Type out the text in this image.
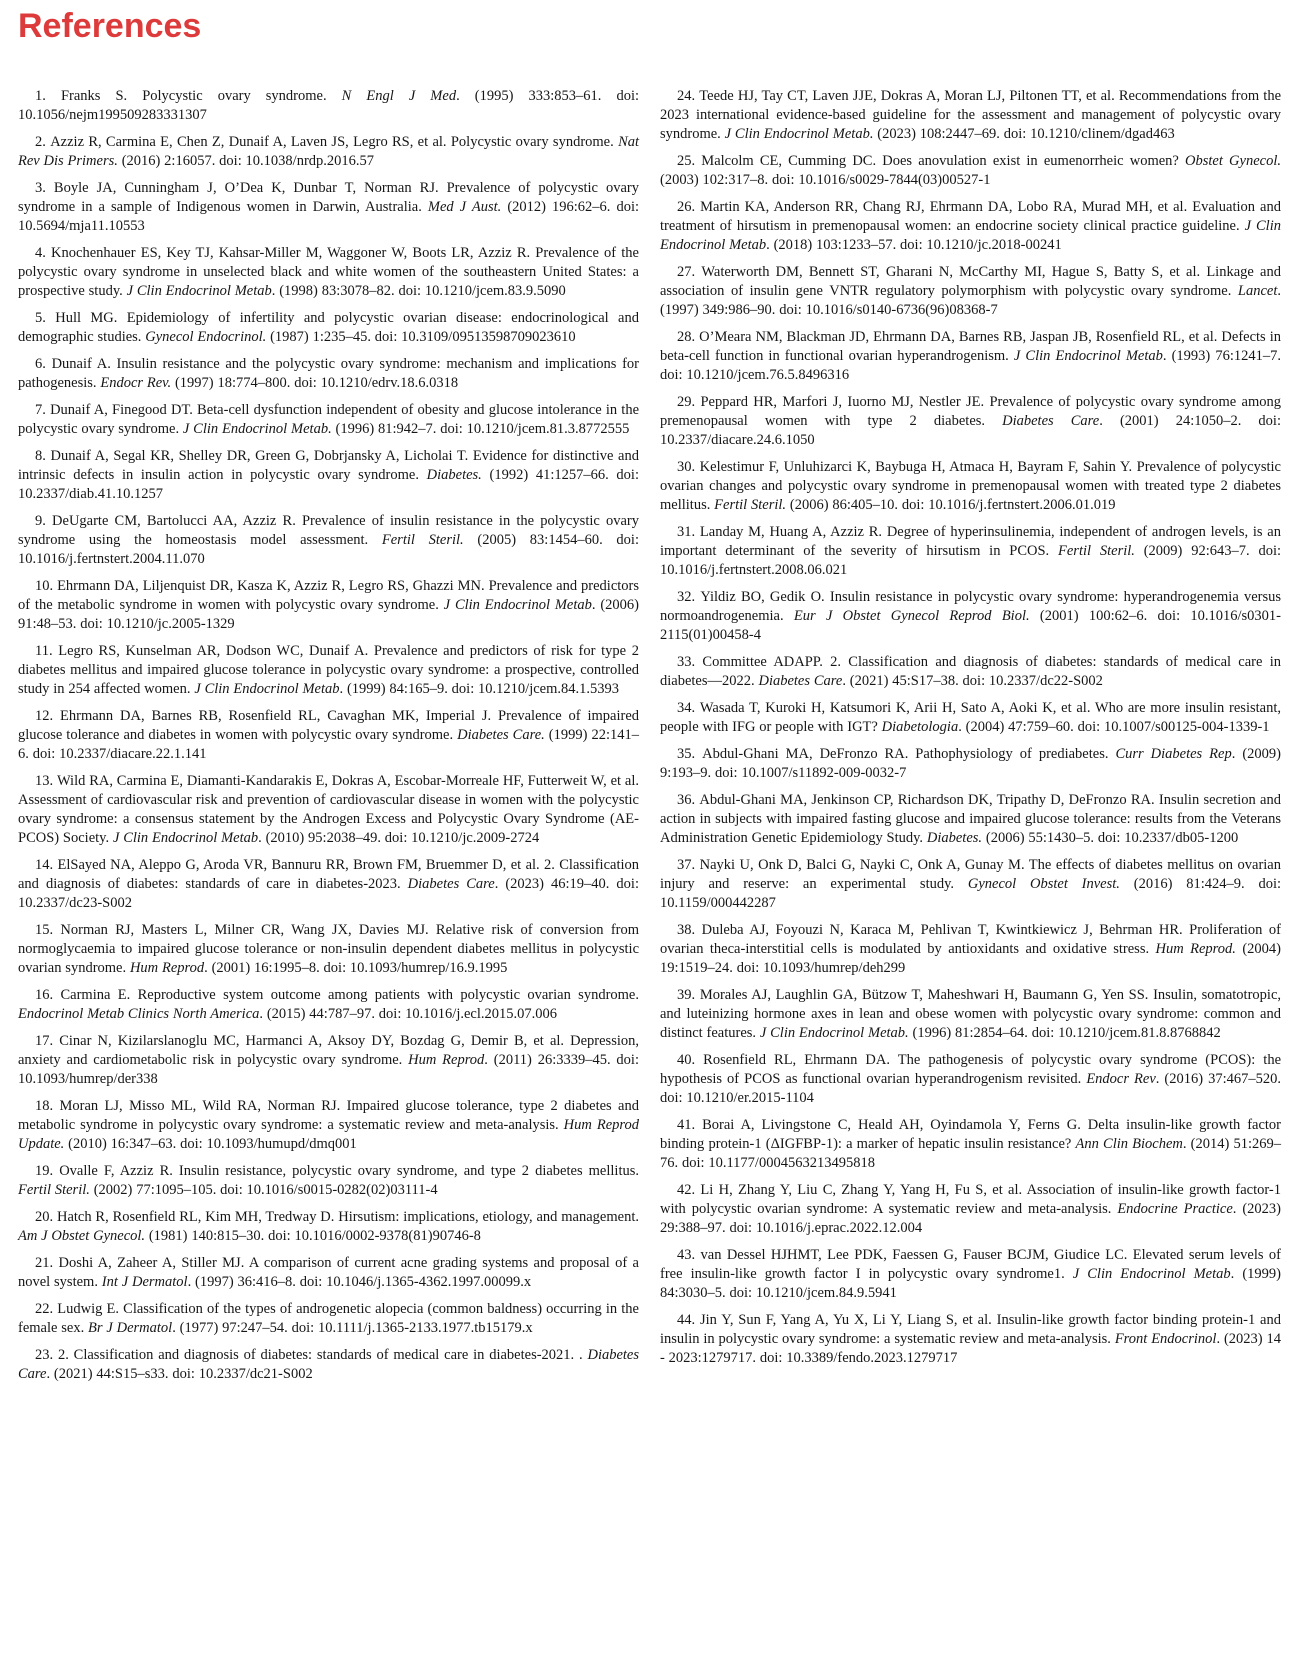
References

1. Franks S. Polycystic ovary syndrome. N Engl J Med. (1995) 333:853–61. doi: 10.1056/nejm199509283331307

2. Azziz R, Carmina E, Chen Z, Dunaif A, Laven JS, Legro RS, et al. Polycystic ovary syndrome. Nat Rev Dis Primers. (2016) 2:16057. doi: 10.1038/nrdp.2016.57

3. Boyle JA, Cunningham J, O’Dea K, Dunbar T, Norman RJ. Prevalence of polycystic ovary syndrome in a sample of Indigenous women in Darwin, Australia. Med J Aust. (2012) 196:62–6. doi: 10.5694/mja11.10553

4. Knochenhauer ES, Key TJ, Kahsar-Miller M, Waggoner W, Boots LR, Azziz R. Prevalence of the polycystic ovary syndrome in unselected black and white women of the southeastern United States: a prospective study. J Clin Endocrinol Metab. (1998) 83:3078–82. doi: 10.1210/jcem.83.9.5090

5. Hull MG. Epidemiology of infertility and polycystic ovarian disease: endocrinological and demographic studies. Gynecol Endocrinol. (1987) 1:235–45. doi: 10.3109/09513598709023610

6. Dunaif A. Insulin resistance and the polycystic ovary syndrome: mechanism and implications for pathogenesis. Endocr Rev. (1997) 18:774–800. doi: 10.1210/edrv.18.6.0318

7. Dunaif A, Finegood DT. Beta-cell dysfunction independent of obesity and glucose intolerance in the polycystic ovary syndrome. J Clin Endocrinol Metab. (1996) 81:942–7. doi: 10.1210/jcem.81.3.8772555

8. Dunaif A, Segal KR, Shelley DR, Green G, Dobrjansky A, Licholai T. Evidence for distinctive and intrinsic defects in insulin action in polycystic ovary syndrome. Diabetes. (1992) 41:1257–66. doi: 10.2337/diab.41.10.1257

9. DeUgarte CM, Bartolucci AA, Azziz R. Prevalence of insulin resistance in the polycystic ovary syndrome using the homeostasis model assessment. Fertil Steril. (2005) 83:1454–60. doi: 10.1016/j.fertnstert.2004.11.070

10. Ehrmann DA, Liljenquist DR, Kasza K, Azziz R, Legro RS, Ghazzi MN. Prevalence and predictors of the metabolic syndrome in women with polycystic ovary syndrome. J Clin Endocrinol Metab. (2006) 91:48–53. doi: 10.1210/jc.2005-1329

11. Legro RS, Kunselman AR, Dodson WC, Dunaif A. Prevalence and predictors of risk for type 2 diabetes mellitus and impaired glucose tolerance in polycystic ovary syndrome: a prospective, controlled study in 254 affected women. J Clin Endocrinol Metab. (1999) 84:165–9. doi: 10.1210/jcem.84.1.5393

12. Ehrmann DA, Barnes RB, Rosenfield RL, Cavaghan MK, Imperial J. Prevalence of impaired glucose tolerance and diabetes in women with polycystic ovary syndrome. Diabetes Care. (1999) 22:141–6. doi: 10.2337/diacare.22.1.141

13. Wild RA, Carmina E, Diamanti-Kandarakis E, Dokras A, Escobar-Morreale HF, Futterweit W, et al. Assessment of cardiovascular risk and prevention of cardiovascular disease in women with the polycystic ovary syndrome: a consensus statement by the Androgen Excess and Polycystic Ovary Syndrome (AE-PCOS) Society. J Clin Endocrinol Metab. (2010) 95:2038–49. doi: 10.1210/jc.2009-2724

14. ElSayed NA, Aleppo G, Aroda VR, Bannuru RR, Brown FM, Bruemmer D, et al. 2. Classification and diagnosis of diabetes: standards of care in diabetes-2023. Diabetes Care. (2023) 46:19–40. doi: 10.2337/dc23-S002

15. Norman RJ, Masters L, Milner CR, Wang JX, Davies MJ. Relative risk of conversion from normoglycaemia to impaired glucose tolerance or non-insulin dependent diabetes mellitus in polycystic ovarian syndrome. Hum Reprod. (2001) 16:1995–8. doi: 10.1093/humrep/16.9.1995

16. Carmina E. Reproductive system outcome among patients with polycystic ovarian syndrome. Endocrinol Metab Clinics North America. (2015) 44:787–97. doi: 10.1016/j.ecl.2015.07.006

17. Cinar N, Kizilarslanoglu MC, Harmanci A, Aksoy DY, Bozdag G, Demir B, et al. Depression, anxiety and cardiometabolic risk in polycystic ovary syndrome. Hum Reprod. (2011) 26:3339–45. doi: 10.1093/humrep/der338

18. Moran LJ, Misso ML, Wild RA, Norman RJ. Impaired glucose tolerance, type 2 diabetes and metabolic syndrome in polycystic ovary syndrome: a systematic review and meta-analysis. Hum Reprod Update. (2010) 16:347–63. doi: 10.1093/humupd/dmq001

19. Ovalle F, Azziz R. Insulin resistance, polycystic ovary syndrome, and type 2 diabetes mellitus. Fertil Steril. (2002) 77:1095–105. doi: 10.1016/s0015-0282(02)03111-4

20. Hatch R, Rosenfield RL, Kim MH, Tredway D. Hirsutism: implications, etiology, and management. Am J Obstet Gynecol. (1981) 140:815–30. doi: 10.1016/0002-9378(81)90746-8

21. Doshi A, Zaheer A, Stiller MJ. A comparison of current acne grading systems and proposal of a novel system. Int J Dermatol. (1997) 36:416–8. doi: 10.1046/j.1365-4362.1997.00099.x

22. Ludwig E. Classification of the types of androgenetic alopecia (common baldness) occurring in the female sex. Br J Dermatol. (1977) 97:247–54. doi: 10.1111/j.1365-2133.1977.tb15179.x

23. 2. Classification and diagnosis of diabetes: standards of medical care in diabetes-2021. . Diabetes Care. (2021) 44:S15–s33. doi: 10.2337/dc21-S002

24. Teede HJ, Tay CT, Laven JJE, Dokras A, Moran LJ, Piltonen TT, et al. Recommendations from the 2023 international evidence-based guideline for the assessment and management of polycystic ovary syndrome. J Clin Endocrinol Metab. (2023) 108:2447–69. doi: 10.1210/clinem/dgad463

25. Malcolm CE, Cumming DC. Does anovulation exist in eumenorrheic women? Obstet Gynecol. (2003) 102:317–8. doi: 10.1016/s0029-7844(03)00527-1

26. Martin KA, Anderson RR, Chang RJ, Ehrmann DA, Lobo RA, Murad MH, et al. Evaluation and treatment of hirsutism in premenopausal women: an endocrine society clinical practice guideline. J Clin Endocrinol Metab. (2018) 103:1233–57. doi: 10.1210/jc.2018-00241

27. Waterworth DM, Bennett ST, Gharani N, McCarthy MI, Hague S, Batty S, et al. Linkage and association of insulin gene VNTR regulatory polymorphism with polycystic ovary syndrome. Lancet. (1997) 349:986–90. doi: 10.1016/s0140-6736(96)08368-7

28. O’Meara NM, Blackman JD, Ehrmann DA, Barnes RB, Jaspan JB, Rosenfield RL, et al. Defects in beta-cell function in functional ovarian hyperandrogenism. J Clin Endocrinol Metab. (1993) 76:1241–7. doi: 10.1210/jcem.76.5.8496316

29. Peppard HR, Marfori J, Iuorno MJ, Nestler JE. Prevalence of polycystic ovary syndrome among premenopausal women with type 2 diabetes. Diabetes Care. (2001) 24:1050–2. doi: 10.2337/diacare.24.6.1050

30. Kelestimur F, Unluhizarci K, Baybuga H, Atmaca H, Bayram F, Sahin Y. Prevalence of polycystic ovarian changes and polycystic ovary syndrome in premenopausal women with treated type 2 diabetes mellitus. Fertil Steril. (2006) 86:405–10. doi: 10.1016/j.fertnstert.2006.01.019

31. Landay M, Huang A, Azziz R. Degree of hyperinsulinemia, independent of androgen levels, is an important determinant of the severity of hirsutism in PCOS. Fertil Steril. (2009) 92:643–7. doi: 10.1016/j.fertnstert.2008.06.021

32. Yildiz BO, Gedik O. Insulin resistance in polycystic ovary syndrome: hyperandrogenemia versus normoandrogenemia. Eur J Obstet Gynecol Reprod Biol. (2001) 100:62–6. doi: 10.1016/s0301-2115(01)00458-4

33. Committee ADAPP. 2. Classification and diagnosis of diabetes: standards of medical care in diabetes—2022. Diabetes Care. (2021) 45:S17–38. doi: 10.2337/dc22-S002

34. Wasada T, Kuroki H, Katsumori K, Arii H, Sato A, Aoki K, et al. Who are more insulin resistant, people with IFG or people with IGT? Diabetologia. (2004) 47:759–60. doi: 10.1007/s00125-004-1339-1

35. Abdul-Ghani MA, DeFronzo RA. Pathophysiology of prediabetes. Curr Diabetes Rep. (2009) 9:193–9. doi: 10.1007/s11892-009-0032-7

36. Abdul-Ghani MA, Jenkinson CP, Richardson DK, Tripathy D, DeFronzo RA. Insulin secretion and action in subjects with impaired fasting glucose and impaired glucose tolerance: results from the Veterans Administration Genetic Epidemiology Study. Diabetes. (2006) 55:1430–5. doi: 10.2337/db05-1200

37. Nayki U, Onk D, Balci G, Nayki C, Onk A, Gunay M. The effects of diabetes mellitus on ovarian injury and reserve: an experimental study. Gynecol Obstet Invest. (2016) 81:424–9. doi: 10.1159/000442287

38. Duleba AJ, Foyouzi N, Karaca M, Pehlivan T, Kwintkiewicz J, Behrman HR. Proliferation of ovarian theca-interstitial cells is modulated by antioxidants and oxidative stress. Hum Reprod. (2004) 19:1519–24. doi: 10.1093/humrep/deh299

39. Morales AJ, Laughlin GA, Bützow T, Maheshwari H, Baumann G, Yen SS. Insulin, somatotropic, and luteinizing hormone axes in lean and obese women with polycystic ovary syndrome: common and distinct features. J Clin Endocrinol Metab. (1996) 81:2854–64. doi: 10.1210/jcem.81.8.8768842

40. Rosenfield RL, Ehrmann DA. The pathogenesis of polycystic ovary syndrome (PCOS): the hypothesis of PCOS as functional ovarian hyperandrogenism revisited. Endocr Rev. (2016) 37:467–520. doi: 10.1210/er.2015-1104

41. Borai A, Livingstone C, Heald AH, Oyindamola Y, Ferns G. Delta insulin-like growth factor binding protein-1 (ΔIGFBP-1): a marker of hepatic insulin resistance? Ann Clin Biochem. (2014) 51:269–76. doi: 10.1177/0004563213495818

42. Li H, Zhang Y, Liu C, Zhang Y, Yang H, Fu S, et al. Association of insulin-like growth factor-1 with polycystic ovarian syndrome: A systematic review and meta-analysis. Endocrine Practice. (2023) 29:388–97. doi: 10.1016/j.eprac.2022.12.004

43. van Dessel HJHMT, Lee PDK, Faessen G, Fauser BCJM, Giudice LC. Elevated serum levels of free insulin-like growth factor I in polycystic ovary syndrome1. J Clin Endocrinol Metab. (1999) 84:3030–5. doi: 10.1210/jcem.84.9.5941

44. Jin Y, Sun F, Yang A, Yu X, Li Y, Liang S, et al. Insulin-like growth factor binding protein-1 and insulin in polycystic ovary syndrome: a systematic review and meta-analysis. Front Endocrinol. (2023) 14 - 2023:1279717. doi: 10.3389/fendo.2023.1279717
